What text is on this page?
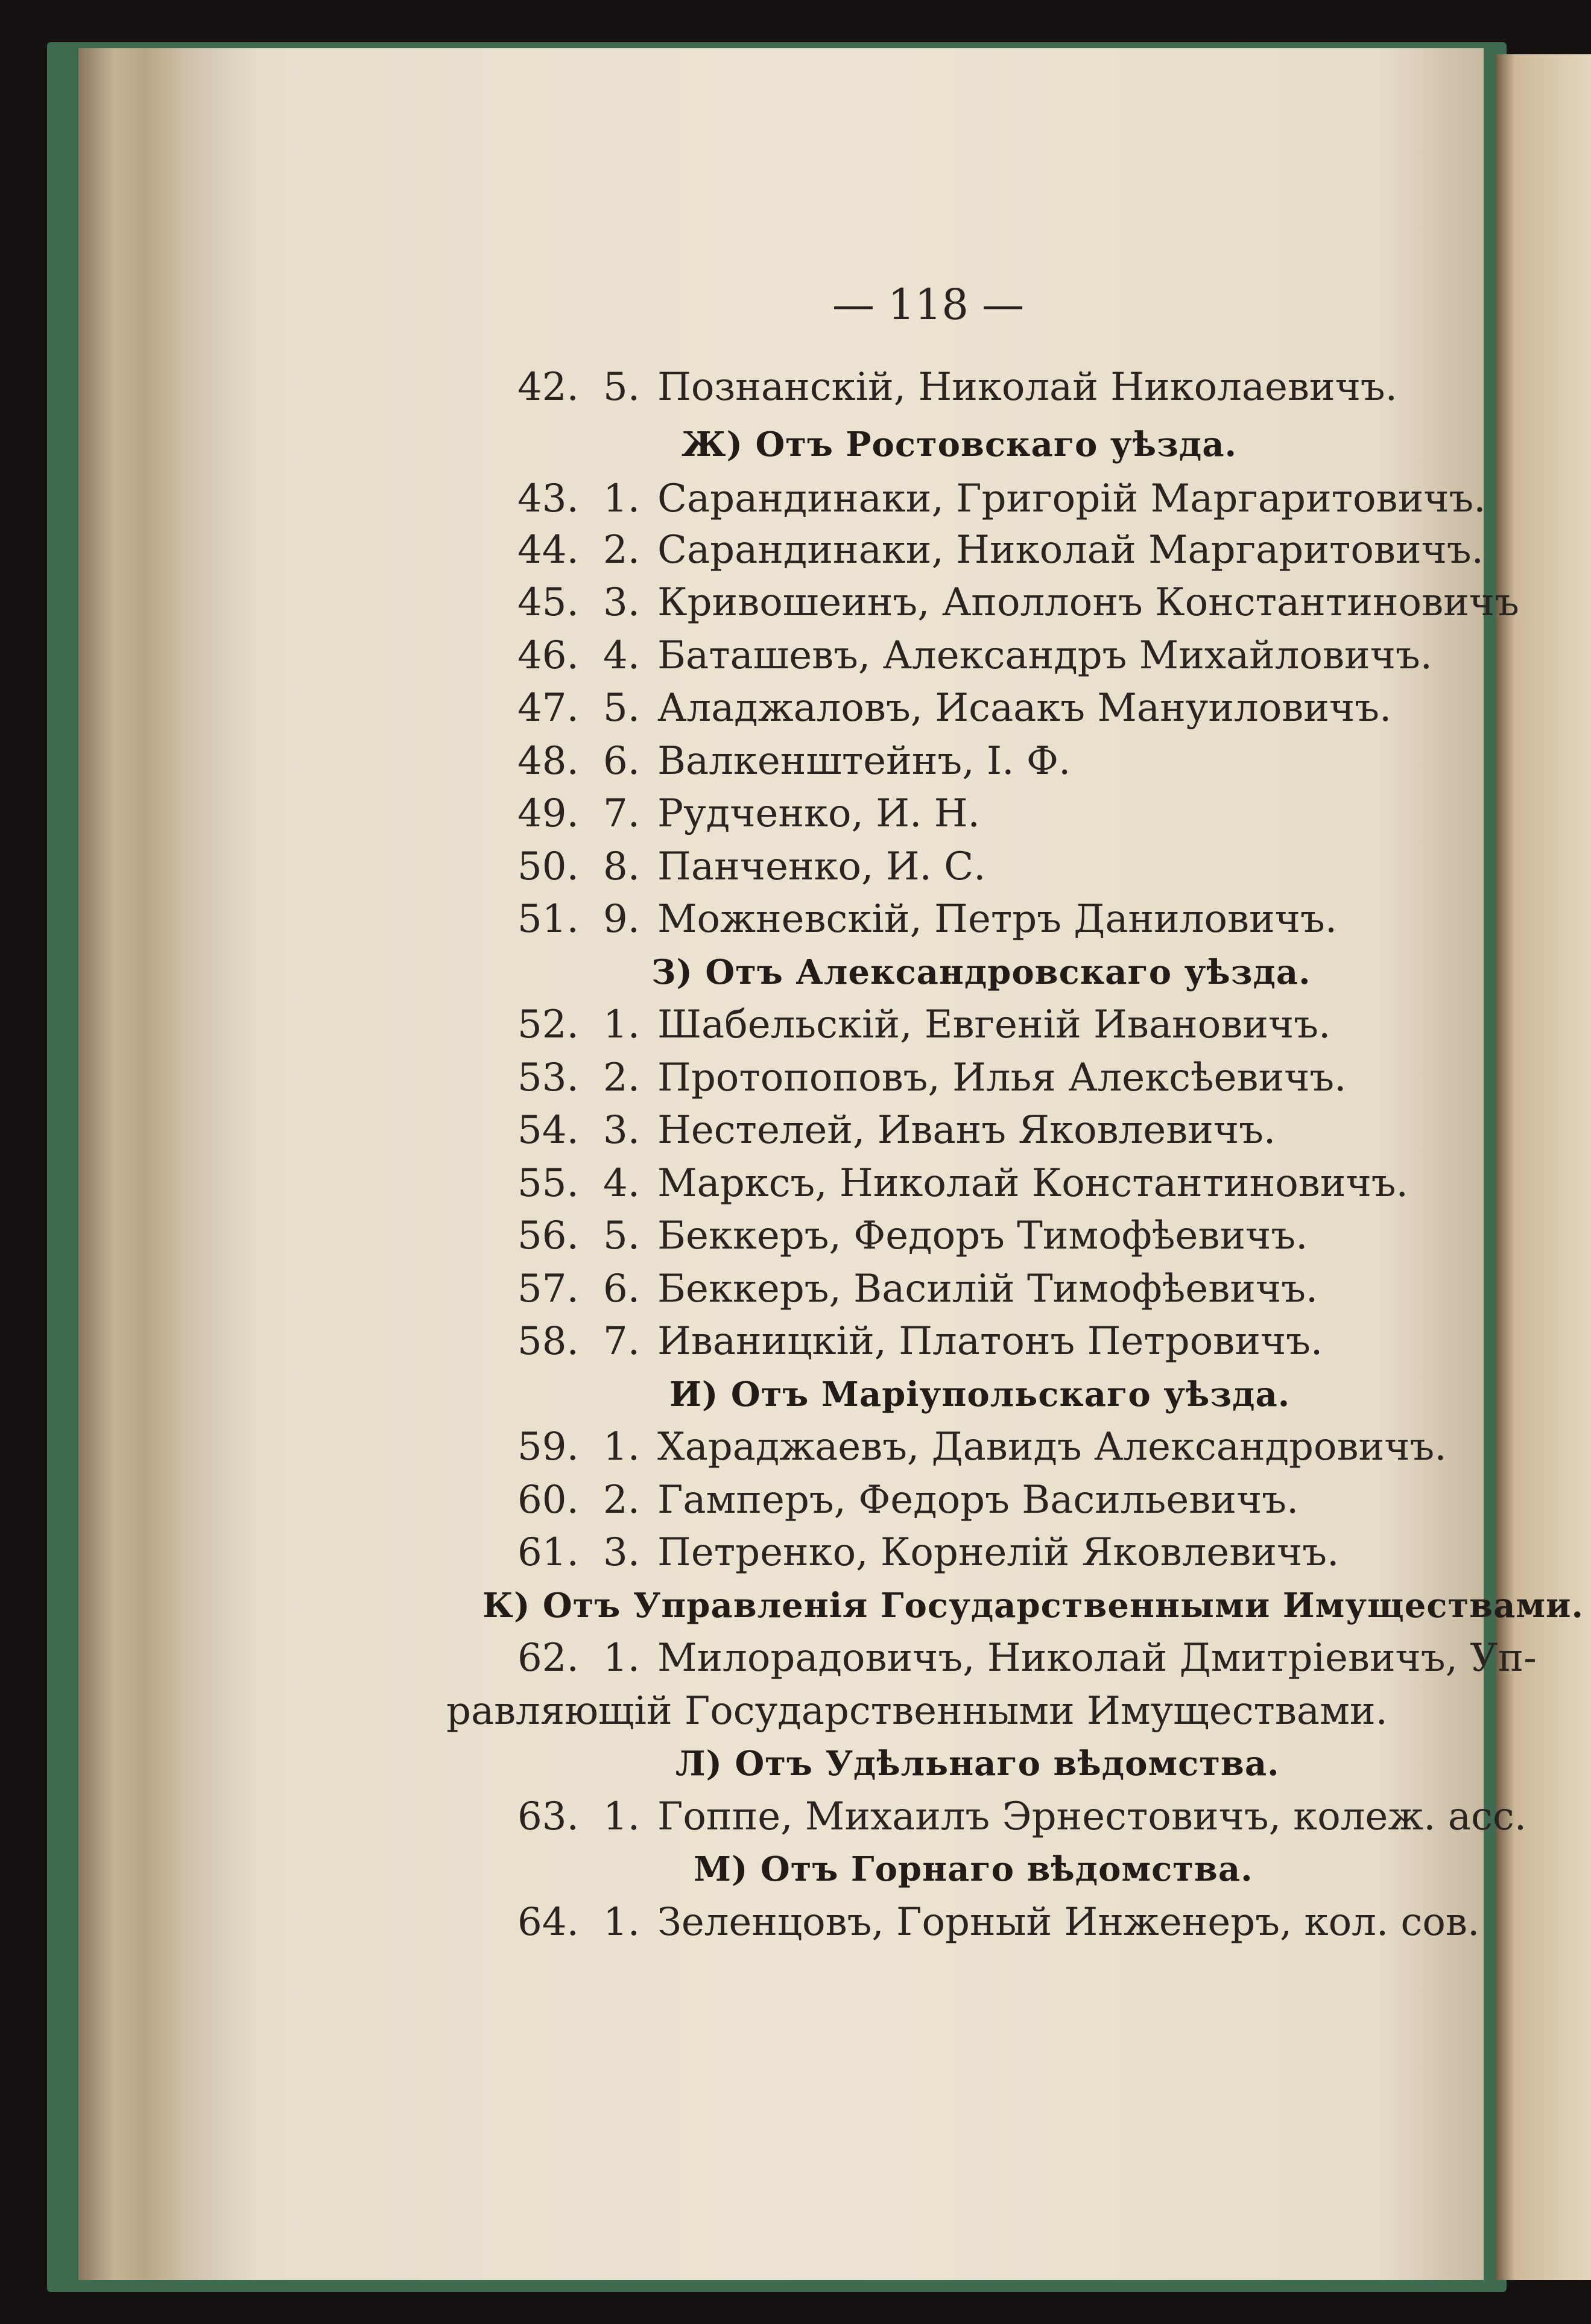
— 118 —
42. 5. Познанскій, Николай Николаевичъ.
Ж) Отъ Ростовскаго уѣзда.
43. 1. Сарандинаки, Григорій Маргаритовичъ.
44. 2. Сарандинаки, Николай Маргаритовичъ.
45. 3. Кривошеинъ, Аполлонъ Константиновичъ
46. 4. Баташевъ, Александръ Михайловичъ.
47. 5. Аладжаловъ, Исаакъ Мануиловичъ.
48. 6. Валкенштейнъ, І. Ф.
49. 7. Рудченко, И. Н.
50. 8. Панченко, И. С.
51. 9. Можневскій, Петръ Даниловичъ.
З) Отъ Александровскаго уѣзда.
52. 1. Шабельскій, Евгеній Ивановичъ.
53. 2. Протопоповъ, Илья Алексѣевичъ.
54. 3. Нестелей, Иванъ Яковлевичъ.
55. 4. Марксъ, Николай Константиновичъ.
56. 5. Беккеръ, Федоръ Тимофѣевичъ.
57. 6. Беккеръ, Василій Тимофѣевичъ.
58. 7. Иваницкій, Платонъ Петровичъ.
И) Отъ Маріупольскаго уѣзда.
59. 1. Хараджаевъ, Давидъ Александровичъ.
60. 2. Гамперъ, Федоръ Васильевичъ.
61. 3. Петренко, Корнелій Яковлевичъ.
К) Отъ Управленія Государственными Имуществами.
62. 1. Милорадовичъ, Николай Дмитріевичъ, Уп-
равляющій Государственными Имуществами.
Л) Отъ Удѣльнаго вѣдомства.
63. 1. Гоппе, Михаилъ Эрнестовичъ, колеж. асс.
М) Отъ Горнаго вѣдомства.
64. 1. Зеленцовъ, Горный Инженеръ, кол. сов.
